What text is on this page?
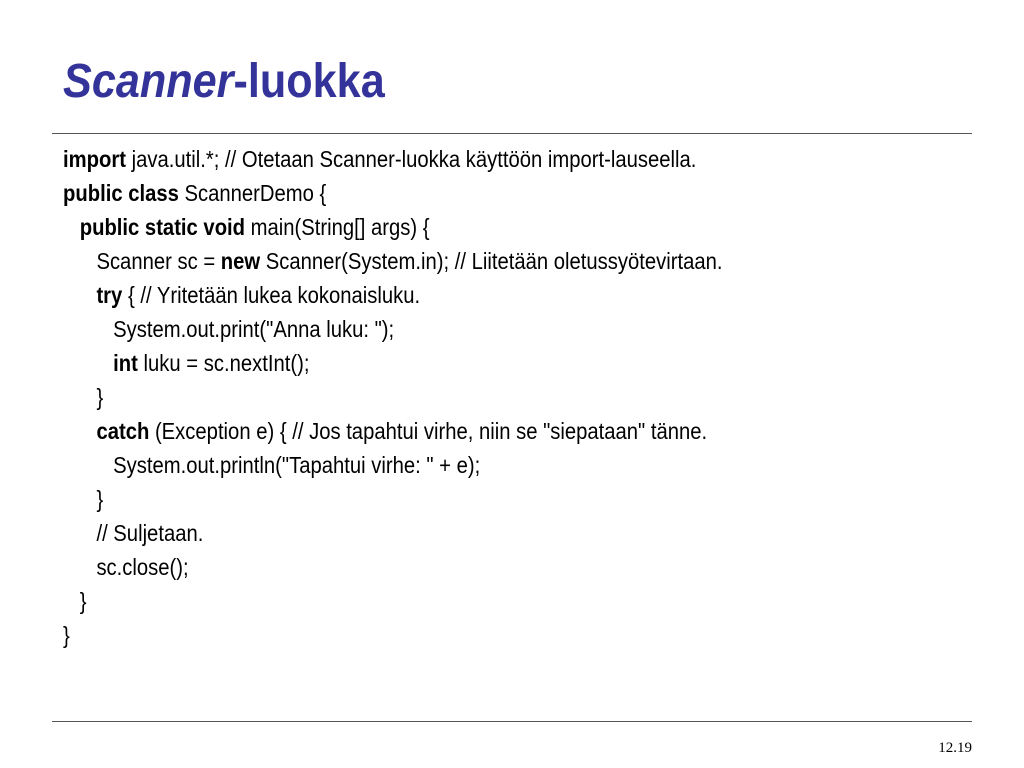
Scanner-luokka
import java.util.*; // Otetaan Scanner-luokka käyttöön import-lauseella.
public class ScannerDemo {
public static void main(String[] args) {
Scanner sc = new Scanner(System.in); // Liitetään oletussyötevirtaan.
try { // Yritetään lukea kokonaisluku.
System.out.print("Anna luku: ");
int luku = sc.nextInt();
}
catch (Exception e) { // Jos tapahtui virhe, niin se "siepataan" tänne.
System.out.println("Tapahtui virhe: " + e);
}
// Suljetaan.
sc.close();
}
}
12.19
